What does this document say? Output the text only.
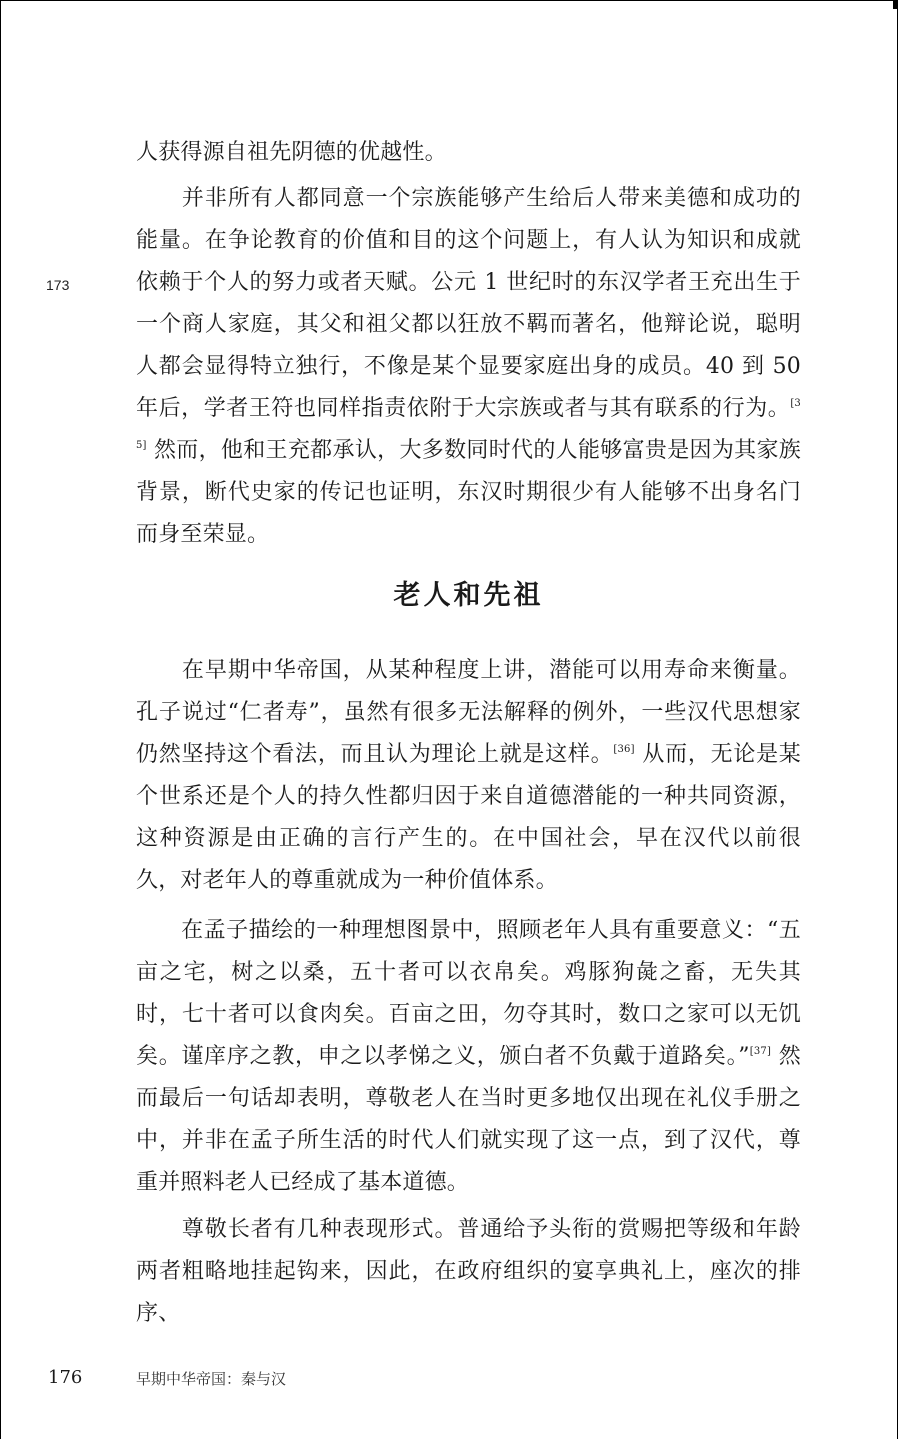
173

人获得源自祖先阴德的优越性。

　　并非所有人都同意一个宗族能够产生给后人带来美德和成功的能量。在争论教育的价值和目的这个问题上，有人认为知识和成就依赖于个人的努力或者天赋。公元 1 世纪时的东汉学者王充出生于一个商人家庭，其父和祖父都以狂放不羁而著名，他辩论说，聪明人都会显得特立独行，不像是某个显要家庭出身的成员。40 到 50 年后，学者王符也同样指责依附于大宗族或者与其有联系的行为。[35] 然而，他和王充都承认，大多数同时代的人能够富贵是因为其家族背景，断代史家的传记也证明，东汉时期很少有人能够不出身名门而身至荣显。

老人和先祖

　　在早期中华帝国，从某种程度上讲，潜能可以用寿命来衡量。孔子说过“仁者寿”，虽然有很多无法解释的例外，一些汉代思想家仍然坚持这个看法，而且认为理论上就是这样。[36] 从而，无论是某个世系还是个人的持久性都归因于来自道德潜能的一种共同资源，这种资源是由正确的言行产生的。在中国社会，早在汉代以前很久，对老年人的尊重就成为一种价值体系。

　　在孟子描绘的一种理想图景中，照顾老年人具有重要意义：“五亩之宅，树之以桑，五十者可以衣帛矣。鸡豚狗彘之畜，无失其时，七十者可以食肉矣。百亩之田，勿夺其时，数口之家可以无饥矣。谨庠序之教，申之以孝悌之义，颁白者不负戴于道路矣。”[37] 然而最后一句话却表明，尊敬老人在当时更多地仅出现在礼仪手册之中，并非在孟子所生活的时代人们就实现了这一点，到了汉代，尊重并照料老人已经成了基本道德。

　　尊敬长者有几种表现形式。普通给予头衔的赏赐把等级和年龄两者粗略地挂起钩来，因此，在政府组织的宴享典礼上，座次的排序、

176	早期中华帝国：秦与汉
